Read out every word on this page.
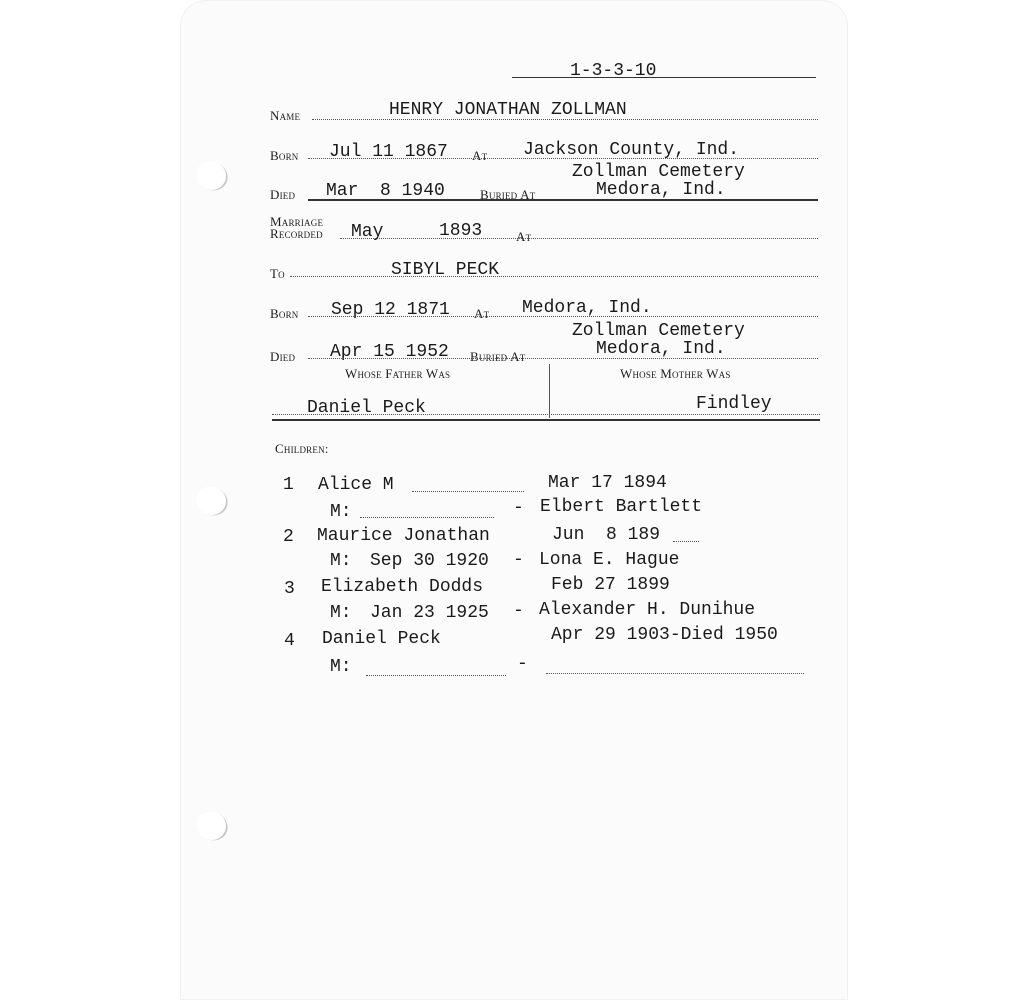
1-3-3-10
Name	HENRY JONATHAN ZOLLMAN
Born Jul 11 1867 At Jackson County, Ind.
Zollman Cemetery
Died Mar  8 1940	Buried At	Medora, Ind.
Marriage
Recorded May	1893	At
To	SIBYL PECK
Born Sep 12 1871 At Medora, Ind.
Zollman Cemetery
Died Apr 15 1952 Buried At	Medora, Ind.
Whose Father Was	Whose Mother Was
Daniel Peck	Findley
Children:
1 Alice M	Mar 17 1894
M:	- Elbert Bartlett
2 Maurice Jonathan	Jun  8 189
M: Sep 30 1920 - Lona E. Hague
3 Elizabeth Dodds	Feb 27 1899
M: Jan 23 1925 - Alexander H. Dunihue
4 Daniel Peck	Apr 29 1903-Died 1950
M:	-
